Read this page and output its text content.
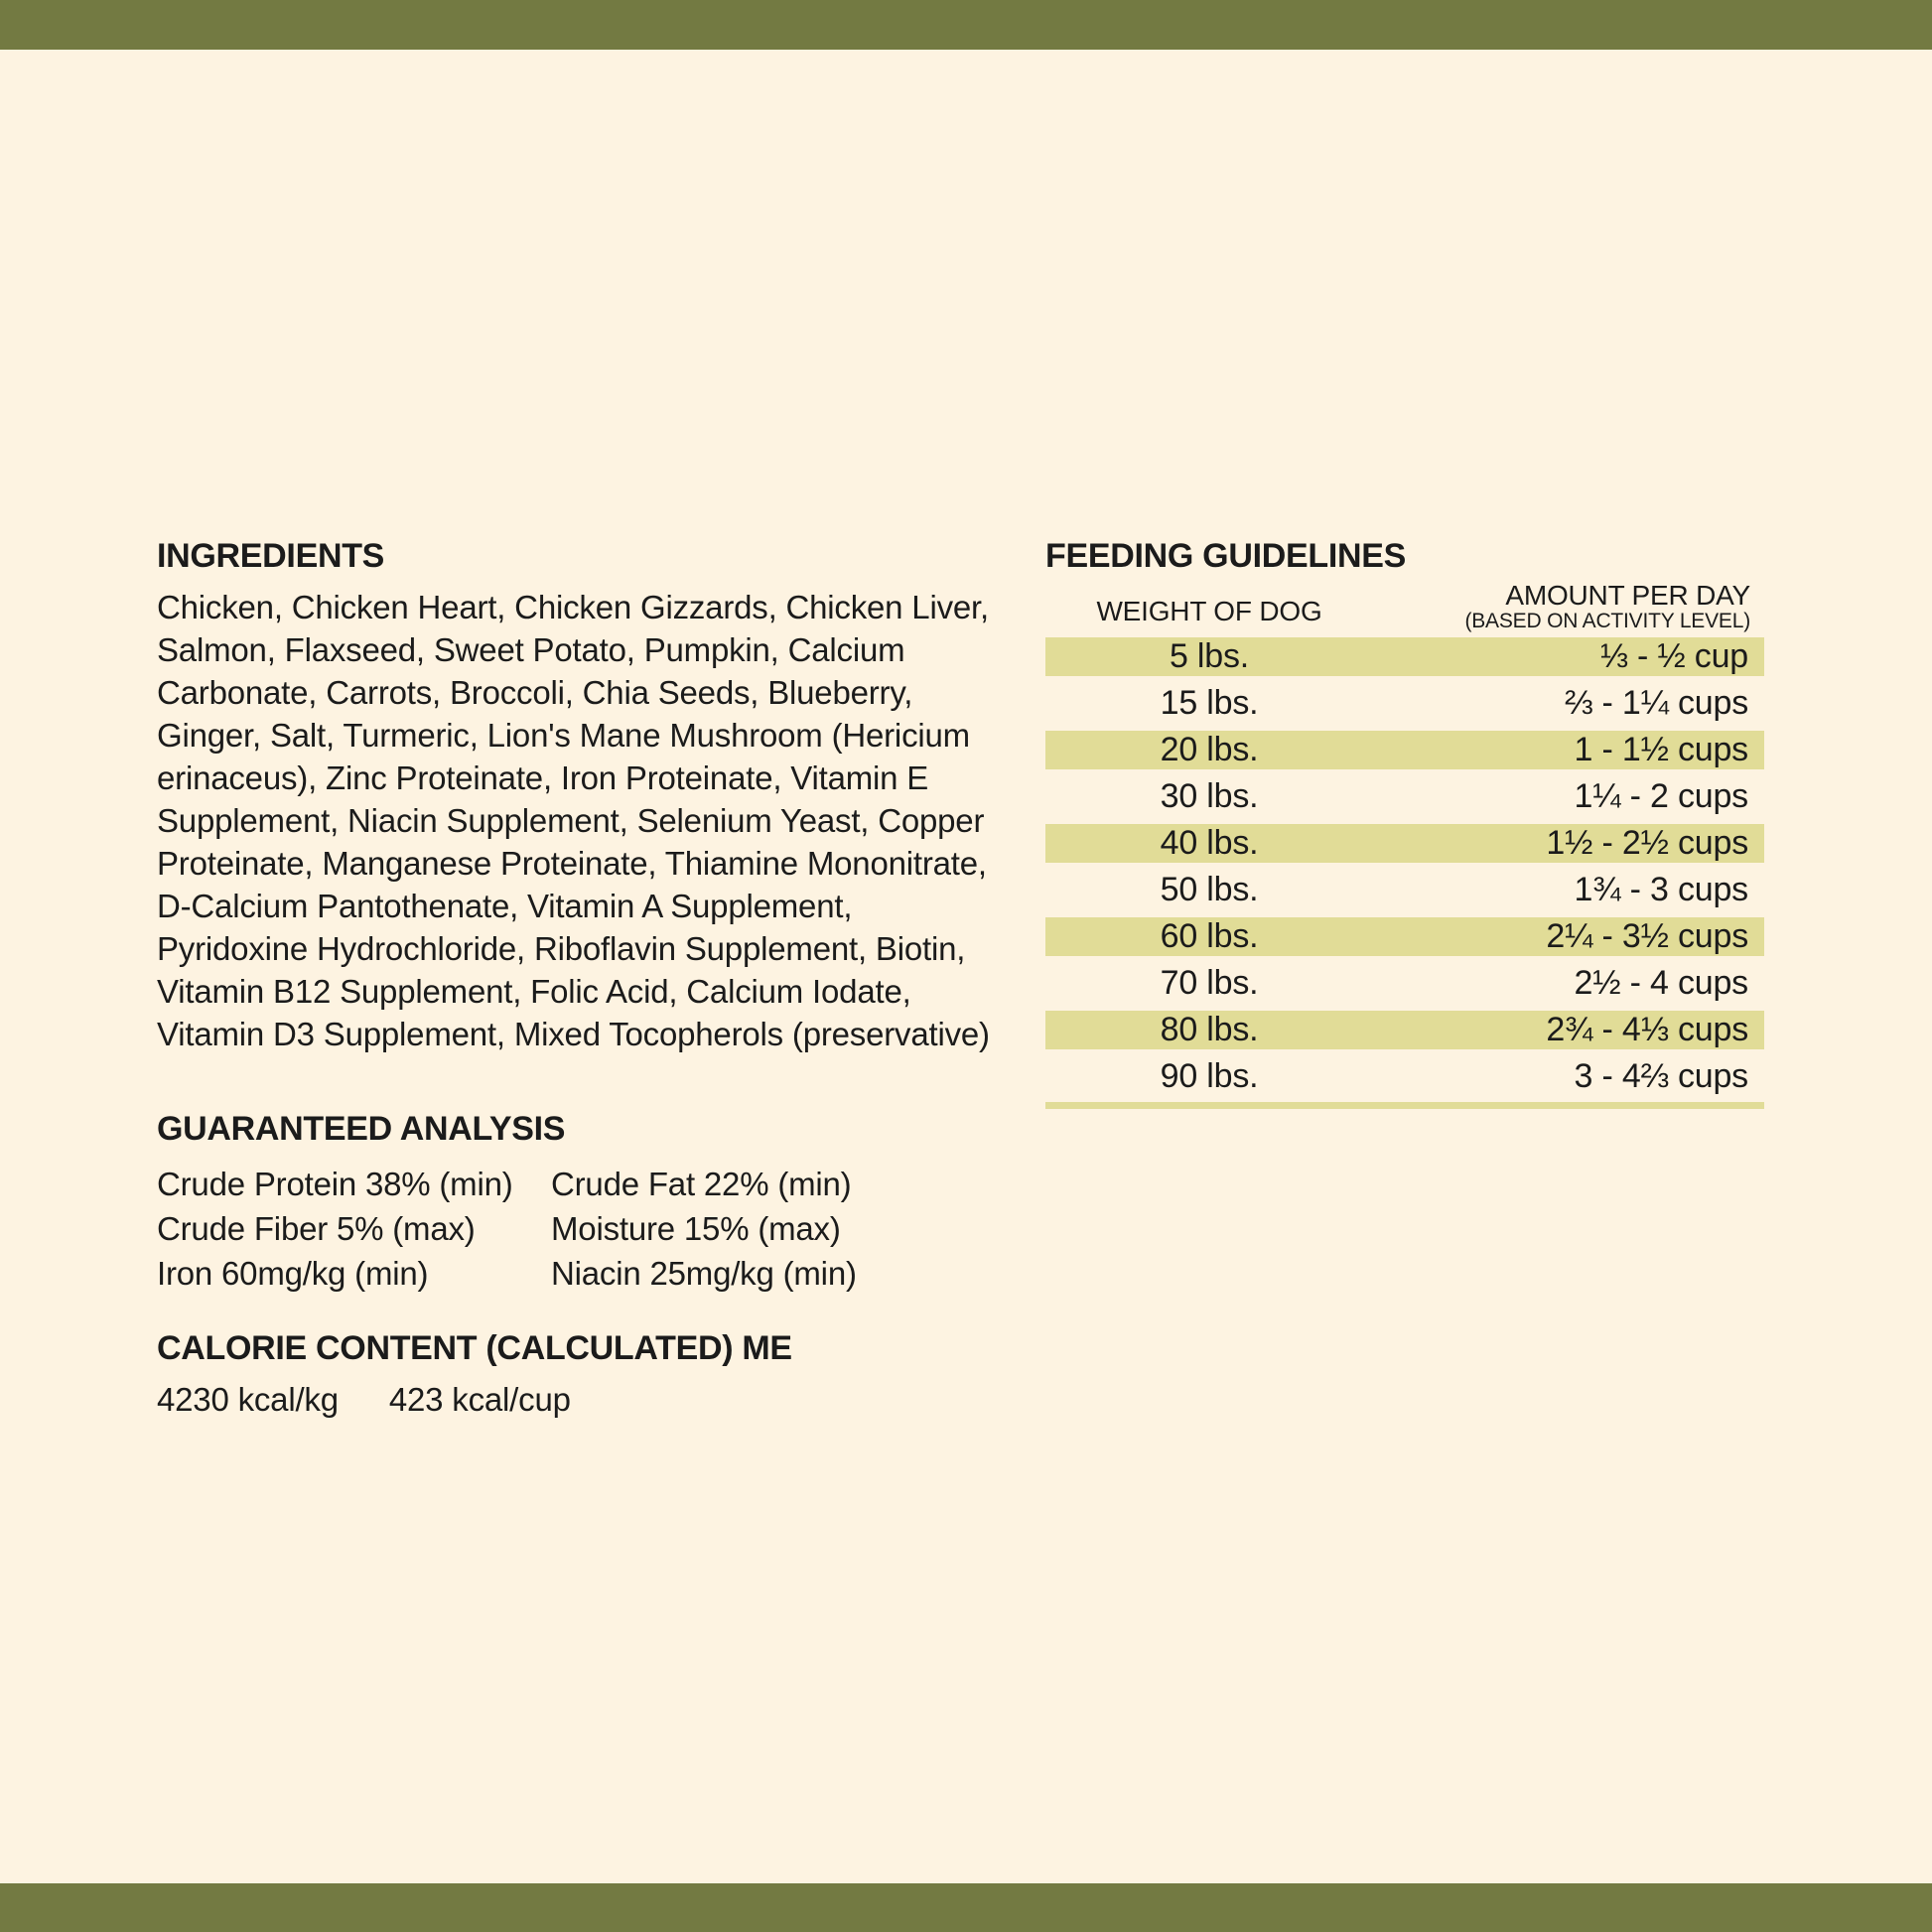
INGREDIENTS
Chicken, Chicken Heart, Chicken Gizzards, Chicken Liver, Salmon, Flaxseed, Sweet Potato, Pumpkin, Calcium Carbonate, Carrots, Broccoli, Chia Seeds, Blueberry, Ginger, Salt, Turmeric, Lion's Mane Mushroom (Hericium erinaceus), Zinc Proteinate, Iron Proteinate, Vitamin E Supplement, Niacin Supplement, Selenium Yeast, Copper Proteinate, Manganese Proteinate, Thiamine Mononitrate, D-Calcium Pantothenate, Vitamin A Supplement, Pyridoxine Hydrochloride, Riboflavin Supplement, Biotin, Vitamin B12 Supplement, Folic Acid, Calcium Iodate, Vitamin D3 Supplement, Mixed Tocopherols (preservative)
GUARANTEED ANALYSIS
Crude Protein 38% (min)	Crude Fat 22% (min)
Crude Fiber 5% (max)	Moisture 15% (max)
Iron 60mg/kg (min)	Niacin 25mg/kg (min)
CALORIE CONTENT (CALCULATED) ME
4230 kcal/kg 423 kcal/cup
FEEDING GUIDELINES
WEIGHT OF DOG
AMOUNT PER DAY
(BASED ON ACTIVITY LEVEL)
5 lbs.	⅓ - ½ cup
15 lbs.	⅔ - 1¼ cups
20 lbs.	1 - 1½ cups
30 lbs.	1¼ - 2 cups
40 lbs.	1½ - 2½ cups
50 lbs.	1¾ - 3 cups
60 lbs.	2¼ - 3½ cups
70 lbs.	2½ - 4 cups
80 lbs.	2¾ - 4⅓ cups
90 lbs.	3 - 4⅔ cups
